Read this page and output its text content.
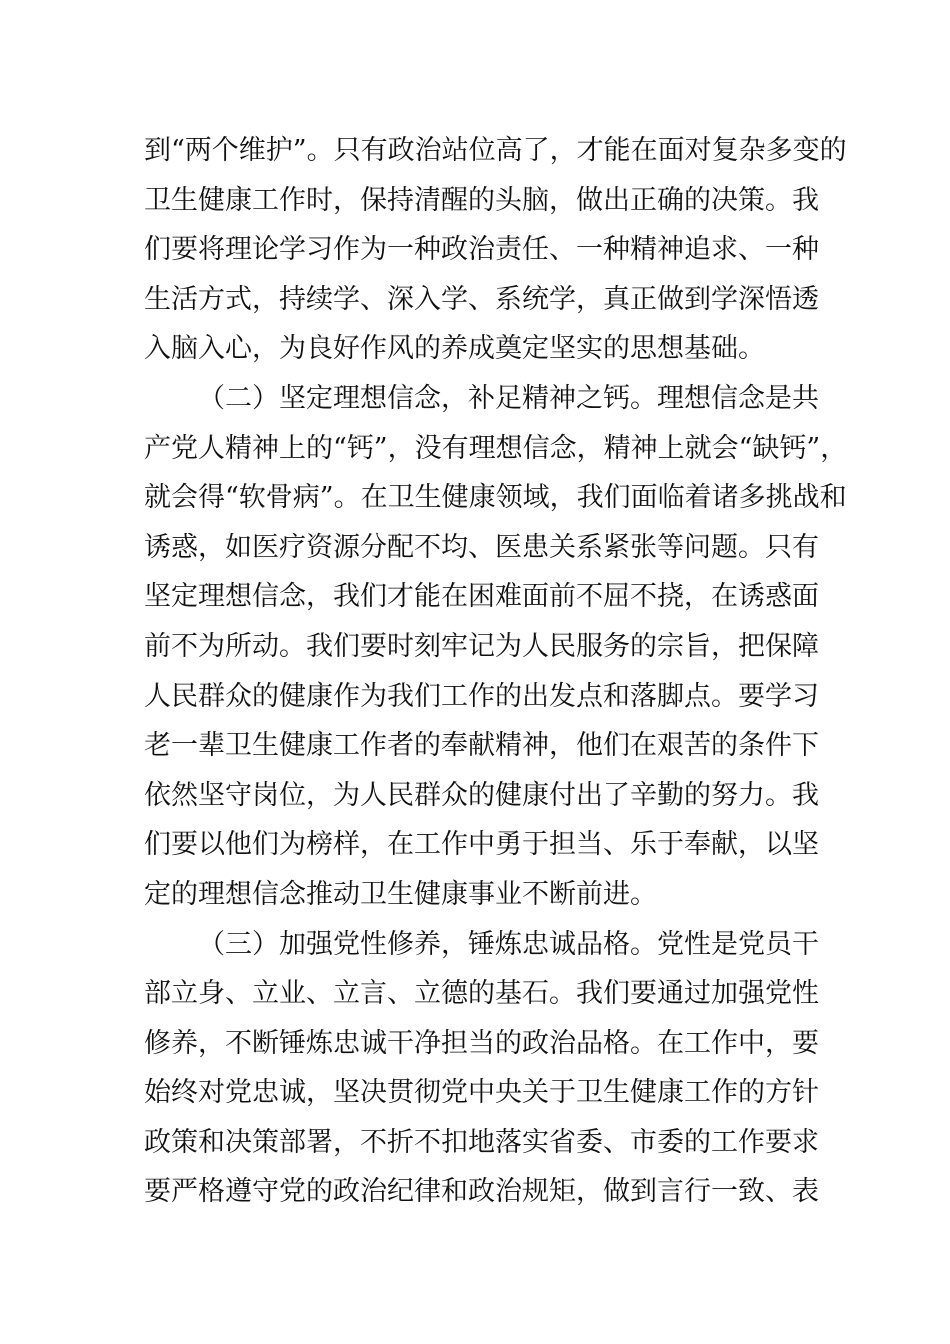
到“两个维护”。只有政治站位高了，才能在面对复杂多变的
卫生健康工作时，保持清醒的头脑，做出正确的决策。我
们要将理论学习作为一种政治责任、一种精神追求、一种
生活方式，持续学、深入学、系统学，真正做到学深悟透
入脑入心，为良好作风的养成奠定坚实的思想基础。
（二）坚定理想信念，补足精神之钙。理想信念是共
产党人精神上的“钙”，没有理想信念，精神上就会“缺钙”，
就会得“软骨病”。在卫生健康领域，我们面临着诸多挑战和
诱惑，如医疗资源分配不均、医患关系紧张等问题。只有
坚定理想信念，我们才能在困难面前不屈不挠，在诱惑面
前不为所动。我们要时刻牢记为人民服务的宗旨，把保障
人民群众的健康作为我们工作的出发点和落脚点。要学习
老一辈卫生健康工作者的奉献精神，他们在艰苦的条件下
依然坚守岗位，为人民群众的健康付出了辛勤的努力。我
们要以他们为榜样，在工作中勇于担当、乐于奉献，以坚
定的理想信念推动卫生健康事业不断前进。
（三）加强党性修养，锤炼忠诚品格。党性是党员干
部立身、立业、立言、立德的基石。我们要通过加强党性
修养，不断锤炼忠诚干净担当的政治品格。在工作中，要
始终对党忠诚，坚决贯彻党中央关于卫生健康工作的方针
政策和决策部署，不折不扣地落实省委、市委的工作要求
要严格遵守党的政治纪律和政治规矩，做到言行一致、表
